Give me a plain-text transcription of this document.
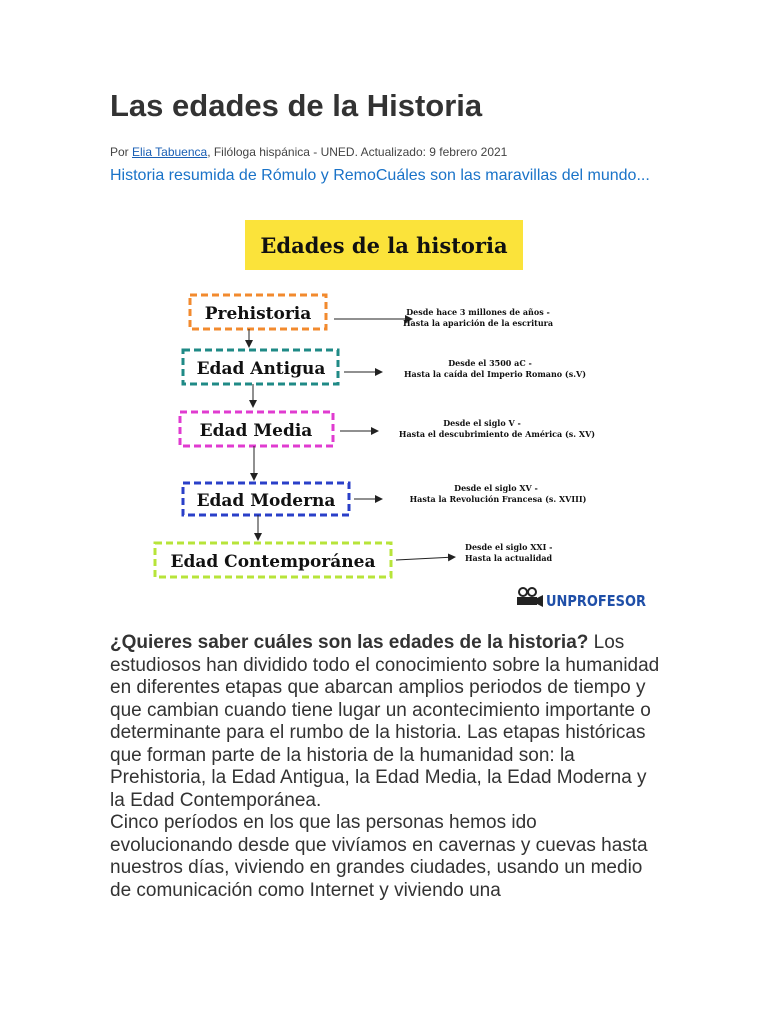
Las edades de la Historia
Por Elia Tabuenca, Filóloga hispánica - UNED. Actualizado: 9 febrero 2021
Historia resumida de Rómulo y RemoCuáles son las maravillas del mundo...

¿Quieres saber cuáles son las edades de la historia? Los estudiosos han dividido todo el conocimiento sobre la humanidad en diferentes etapas que abarcan amplios periodos de tiempo y que cambian cuando tiene lugar un acontecimiento importante o determinante para el rumbo de la historia. Las etapas históricas que forman parte de la historia de la humanidad son: la Prehistoria, la Edad Antigua, la Edad Media, la Edad Moderna y la Edad Contemporánea.

Cinco períodos en los que las personas hemos ido evolucionando desde que vivíamos en cavernas y cuevas hasta nuestros días, viviendo en grandes ciudades, usando un medio de comunicación como Internet y viviendo una

Edades de la historia
Prehistoria	Desde hace 3 millones de años -
Hasta la aparición de la escritura
Edad Antigua	Desde el 3500 aC -
Hasta la caída del Imperio Romano (s.V)
Edad Media	Desde el siglo V -
Hasta el descubrimiento de América (s. XV)
Edad Moderna
Desde el siglo XV -
Hasta la Revolución Francesa (s. XVIII)
Edad Contemporánea
Desde el siglo XXI -
Hasta la actualidad
UNPROFESOR
